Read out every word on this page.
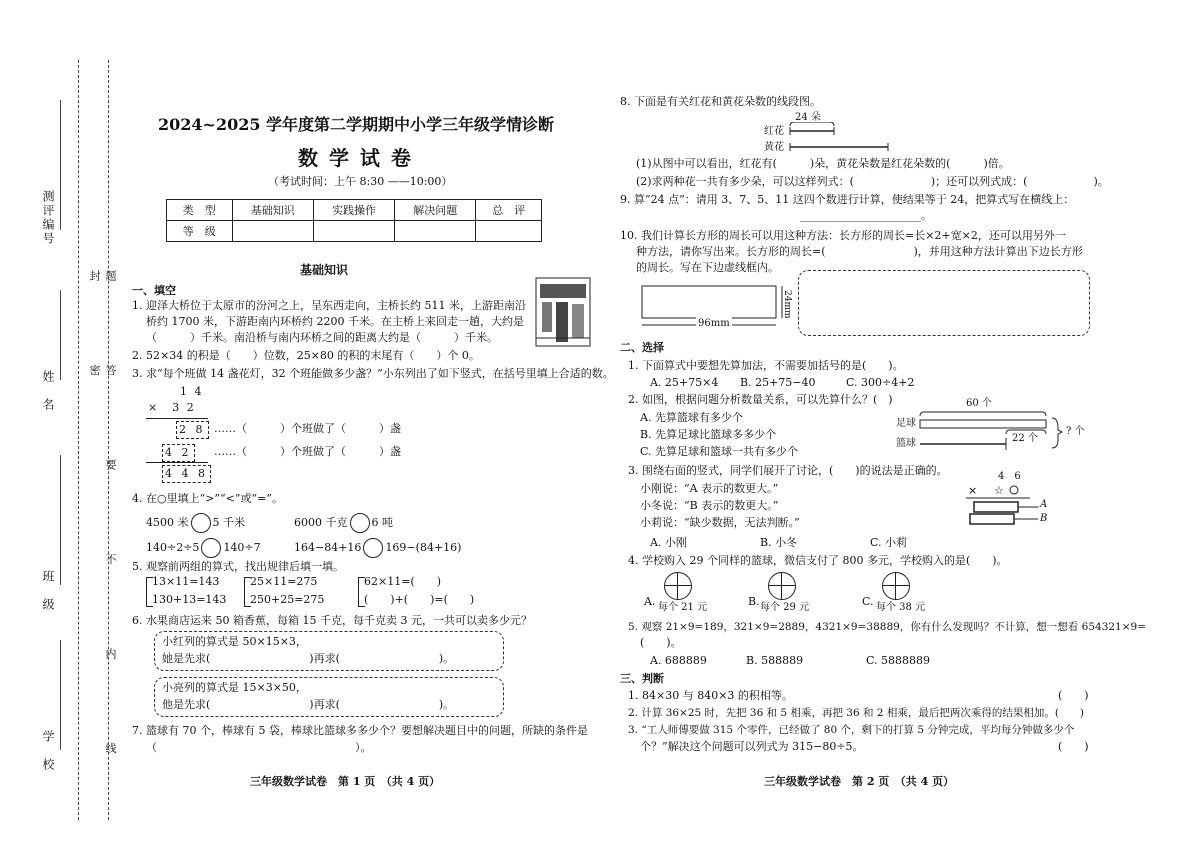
测评编号
姓　名
班　级
学　校	题 答 要 不 内 线 封 密
2024~2025 学年度第二学期期中小学三年级学情诊断
数 学 试 卷
（考试时间：上午 8:30 ——10:00）
类　型	基础知识	实践操作	解决问题	总　评
等　级				
基础知识
一、填空
1. 迎泽大桥位于太原市的汾河之上，呈东西走向，主桥长约 511 米，上游距南沿
桥约 1700 米，下游距南内环桥约 2200 千米。在主桥上来回走一趟，大约是
（　　　）千米。南沿桥与南内环桥之间的距离大约是（　　　）千米。
2. 52×34 的积是（　　）位数，25×80 的积的末尾有（　　）个 0。
3. 求“每个班做 14 盏花灯，32 个班能做多少盏？”小东列出了如下竖式，在括号里填上合适的数。
1 4
×　3 2
2 8 ……（　　　）个班做了（　　　）盏
4 2 ……（　　　）个班做了（　　　）盏
4 4 8
4. 在○里填上“>”“<”或“=”。
4500 米 5 千米	6000 千克 6 吨
140÷2÷5 140÷7	164−84+16 169−(84+16)
5. 观察前两组的算式，找出规律后填一填。
13×11=143
130+13=143
25×11=275
250+25=275
62×11=(　　)
(　　)+(　　)=(　　)
6. 水果商店运来 50 箱香蕉，每箱 15 千克，每千克卖 3 元，一共可以卖多少元？
小红列的算式是 50×15×3，
她是先求(　　　　　　　　　)再求(　　　　　　　　　)。
小亮列的算式是 15×3×50，
他是先求(　　　　　　　　　)再求(　　　　　　　　　)。
7. 篮球有 70 个，棒球有 5 袋，棒球比篮球多多少个？要想解决题目中的问题，所缺的条件是
（　　　　　　　　　　　　　　　　　　）。
三年级数学试卷　第 1 页　（共 4 页）
8. 下面是有关红花和黄花朵数的线段图。
24 朵
红花
黄花
(1)从图中可以看出，红花有(　　　)朵，黄花朵数是红花朵数的(　　　)倍。
(2)求两种花一共有多少朵，可以这样列式：(　　　　　　　)；还可以列式成：(　　　　　　)。
9. 算“24 点”：请用 3、7、5、11 这四个数进行计算，使结果等于 24，把算式写在横线上：
______________________。
10. 我们计算长方形的周长可以用这种方法：长方形的周长=长×2+宽×2，还可以用另外一
种方法，请你写出来。长方形的周长=(　　　　　　　　)，并用这种方法计算出下边长方形
的周长。写在下边虚线框内。
96mm
24mm
二、选择
1. 下面算式中要想先算加法，不需要加括号的是(　　)。
A. 25+75×4 B. 25+75−40	C. 300÷4+2
2. 如图，根据问题分析数量关系，可以先算什么？(　)
A. 先算篮球有多少个
B. 先算足球比篮球多多少个
C. 先算足球和篮球一共有多少个
60 个
足球
篮球	22 个
? 个
3. 围绕右面的竖式，同学们展开了讨论，(　　)的说法是正确的。
小刚说：“A 表示的数更大。”
小冬说：“B 表示的数更大。”
小莉说：“缺少数据，无法判断。”
A. 小刚	B. 小冬	C. 小莉
4　6
× ☆
A
B
4. 学校购入 29 个同样的篮球，微信支付了 800 多元，学校购入的是(　　)。
A. 每个 21 元	B. 每个 29 元	C. 每个 38 元
5. 观察 21×9=189，321×9=2889，4321×9=38889，你有什么发现吗？不计算，想一想看 654321×9=
(　　)。
A. 688889	B. 588889	C. 5888889
三、判断
1. 84×30 与 840×3 的积相等。	(　　)
2. 计算 36×25 时，先把 36 和 5 相乘，再把 36 和 2 相乘，最后把两次乘得的结果相加。(　　)
3. “工人师傅要做 315 个零件，已经做了 80 个，剩下的打算 5 分钟完成，平均每分钟做多少个
个？”解决这个问题可以列式为 315−80÷5。	(　　)
三年级数学试卷　第 2 页　（共 4 页）
